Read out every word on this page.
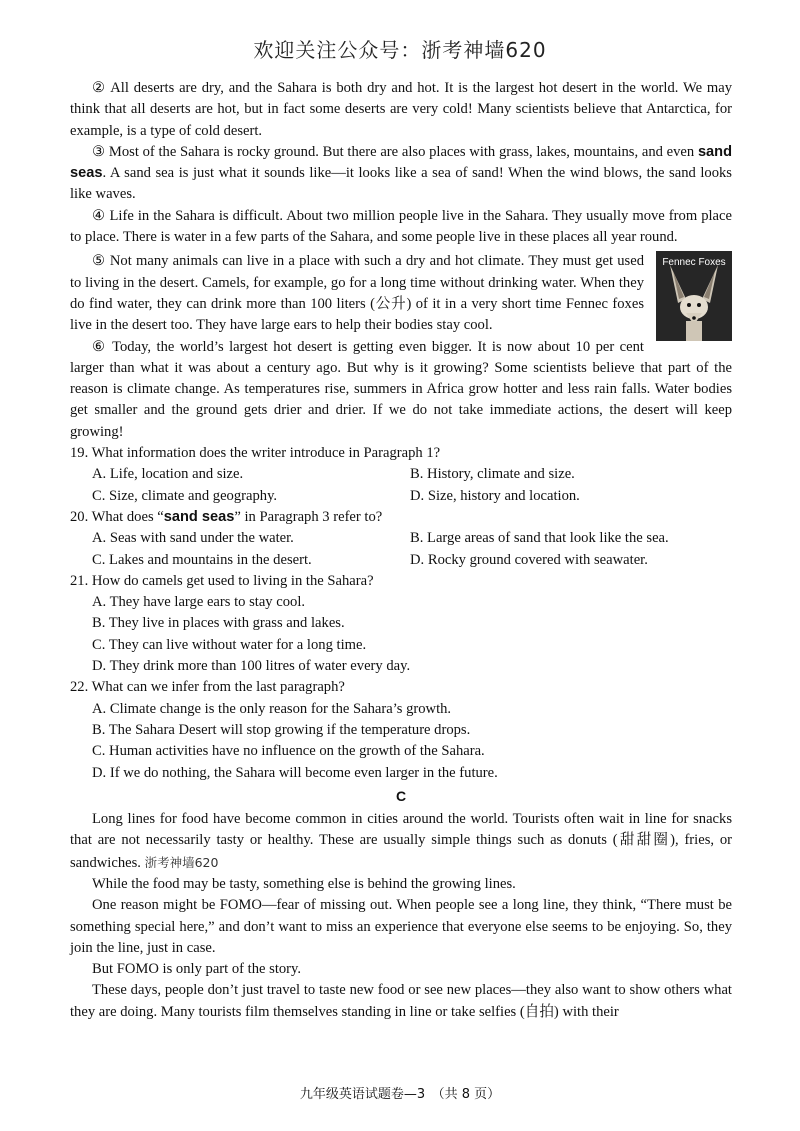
欢迎关注公众号：浙考神墙620

② All deserts are dry, and the Sahara is both dry and hot. It is the largest hot desert in the world. We may think that all deserts are hot, but in fact some deserts are very cold! Many scientists believe that Antarctica, for example, is a type of cold desert.

③ Most of the Sahara is rocky ground. But there are also places with grass, lakes, mountains, and even sand seas. A sand sea is just what it sounds like—it looks like a sea of sand! When the wind blows, the sand looks like waves.

④ Life in the Sahara is difficult. About two million people live in the Sahara. They usually move from place to place. There is water in a few parts of the Sahara, and some people live in these places all year round.

Fennec Foxes

⑤ Not many animals can live in a place with such a dry and hot climate. They must get used to living in the desert. Camels, for example, go for a long time without drinking water. When they do find water, they can drink more than 100 liters (公升) of it in a very short time Fennec foxes live in the desert too. They have large ears to help their bodies stay cool.

⑥ Today, the world’s largest hot desert is getting even bigger. It is now about 10 per cent larger than what it was about a century ago. But why is it growing? Some scientists believe that part of the reason is climate change. As temperatures rise, summers in Africa grow hotter and less rain falls. Water bodies get smaller and the ground gets drier and drier. If we do not take immediate actions, the desert will keep growing!

19. What information does the writer introduce in Paragraph 1?

A. Life, location and size.	B. History, climate and size.
C. Size, climate and geography.	D. Size, history and location.

20. What does “sand seas” in Paragraph 3 refer to?

A. Seas with sand under the water.	B. Large areas of sand that look like the sea.
C. Lakes and mountains in the desert.	D. Rocky ground covered with seawater.

21. How do camels get used to living in the Sahara?

A. They have large ears to stay cool.
B. They live in places with grass and lakes.
C. They can live without water for a long time.
D. They drink more than 100 litres of water every day.

22. What can we infer from the last paragraph?

A. Climate change is the only reason for the Sahara’s growth.
B. The Sahara Desert will stop growing if the temperature drops.
C. Human activities have no influence on the growth of the Sahara.
D. If we do nothing, the Sahara will become even larger in the future.
C

Long lines for food have become common in cities around the world. Tourists often wait in line for snacks that are not necessarily tasty or healthy. These are usually simple things such as donuts (甜甜圈), fries, or sandwiches. 浙考神墙620

While the food may be tasty, something else is behind the growing lines.

One reason might be FOMO—fear of missing out. When people see a long line, they think, “There must be something special here,” and don’t want to miss an experience that everyone else seems to be enjoying. So, they join the line, just in case.

But FOMO is only part of the story.

These days, people don’t just travel to taste new food or see new places—they also want to show others what they are doing. Many tourists film themselves standing in line or take selfies (自拍) with their

九年级英语试题卷—3　（共 8 页）
